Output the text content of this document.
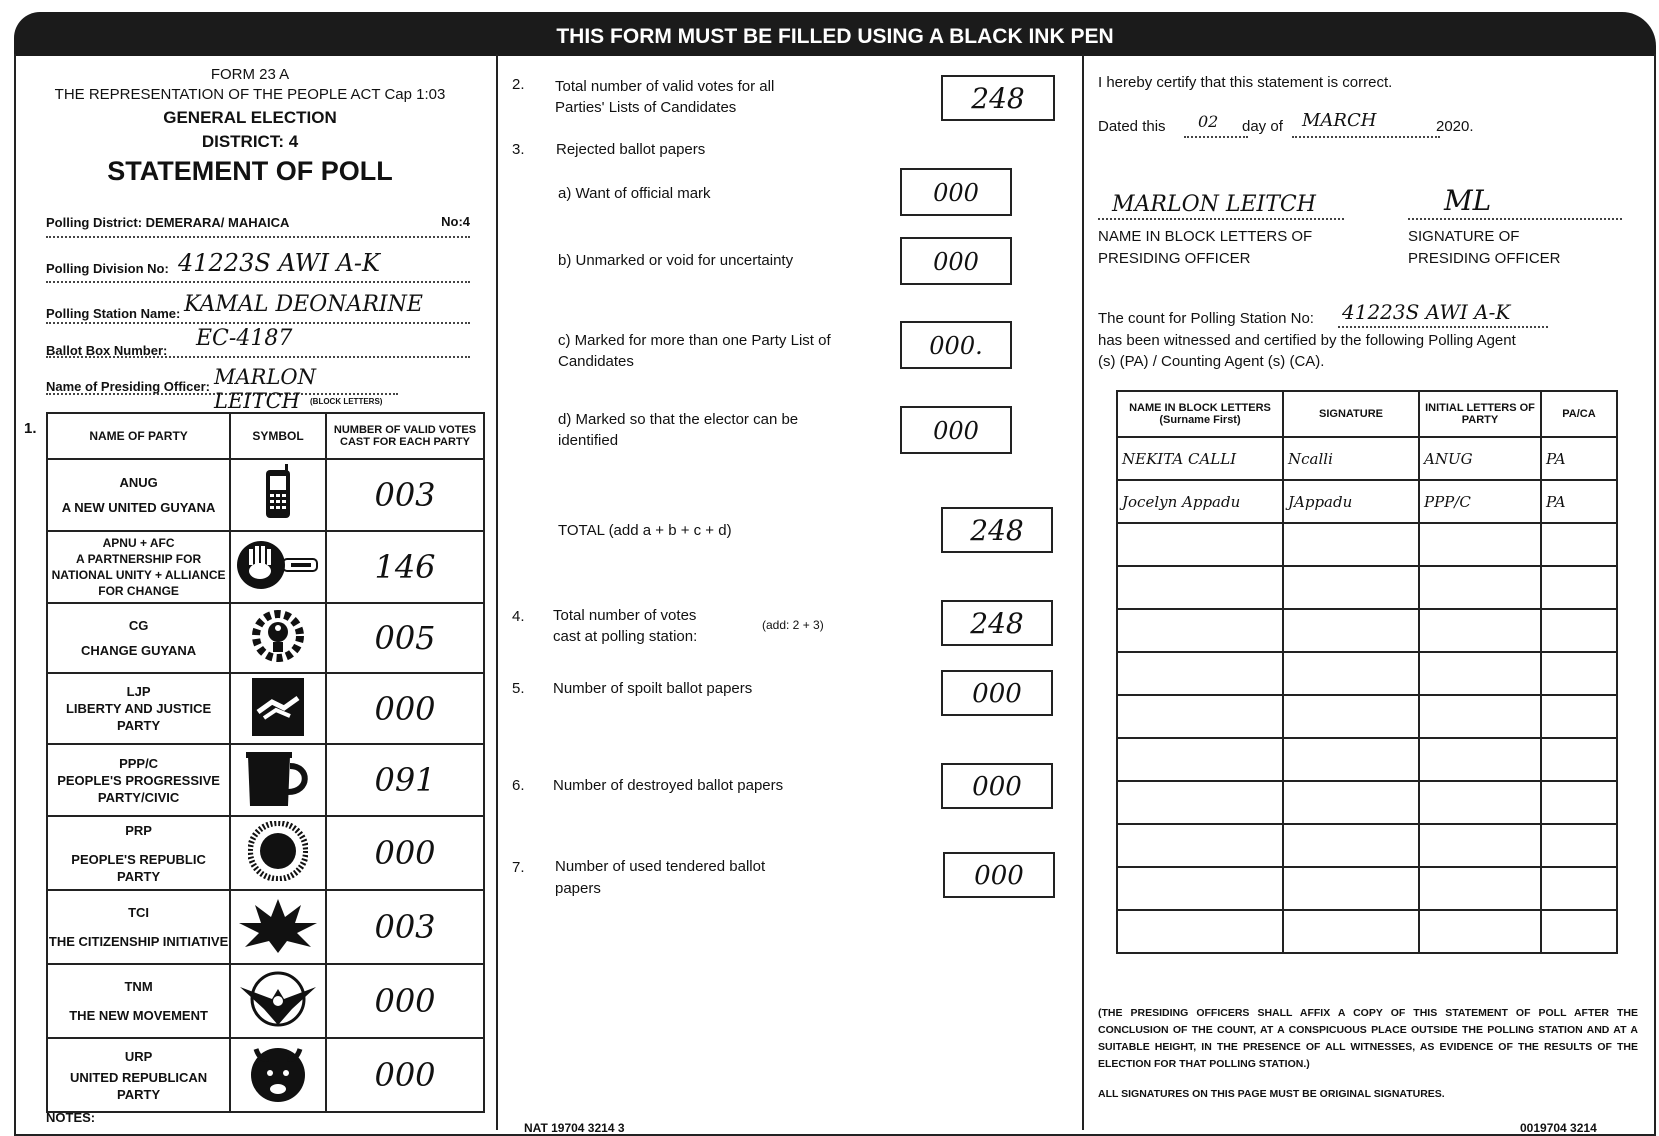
THIS FORM MUST BE FILLED USING A BLACK INK PEN
FORM 23 A
THE REPRESENTATION OF THE PEOPLE ACT Cap 1:03
GENERAL ELECTION
DISTRICT: 4
STATEMENT OF POLL
Polling District: DEMERARA/ MAHAICA	No:4
Polling Division No: 41223S AWI A-K
Polling Station Name: KAMAL DEONARINE
Ballot Box Number: EC-4187
Name of Presiding Officer: MARLON LEITCH	(BLOCK LETTERS)
1.	NAME OF PARTY	SYMBOL	NUMBER OF VALID VOTES CAST FOR EACH PARTY

ANUG
A NEW UNITED GUYANA		003

APNU + AFC
A PARTNERSHIP FOR NATIONAL UNITY + ALLIANCE FOR CHANGE		146

CG
CHANGE GUYANA		005

LJP
LIBERTY AND JUSTICE PARTY		000

PPP/C
PEOPLE'S PROGRESSIVE PARTY/CIVIC		091

PRP
PEOPLE'S REPUBLIC PARTY		000

TCI
THE CITIZENSHIP INITIATIVE		003

TNM
THE NEW MOVEMENT		000

URP
UNITED REPUBLICAN PARTY		000
NOTES:
2. Total number of valid votes for all Parties' Lists of Candidates	248
3. Rejected ballot papers
a) Want of official mark	000
b) Unmarked or void for uncertainty	000
c) Marked for more than one Party List of Candidates
000.
d) Marked so that the elector can be identified	000
TOTAL (add a + b + c + d)	248
4. Total number of votes cast at polling station:
(add: 2 + 3)	248
5. Number of spoilt ballot papers	000
6. Number of destroyed ballot papers	000
7. Number of used tendered ballot papers	000
NAT 19704 3214 3
I hereby certify that this statement is correct.
Dated this 02 day of MARCH	2020.
MARLON LEITCH	ML
NAME IN BLOCK LETTERS OF PRESIDING OFFICER
SIGNATURE OF PRESIDING OFFICER
The count for Polling Station No: 41223S AWI A-K
has been witnessed and certified by the following Polling Agent (s) (PA) / Counting Agent (s) (CA).
NAME IN BLOCK LETTERS (Surname First)	SIGNATURE	INITIAL LETTERS OF PARTY	PA/CA
NEKITA CALLI	Ncalli	ANUG	PA
Jocelyn Appadu	JAppadu	PPP/C	PA

(THE PRESIDING OFFICERS SHALL AFFIX A COPY OF THIS STATEMENT OF POLL AFTER THE CONCLUSION OF THE COUNT, AT A CONSPICUOUS PLACE OUTSIDE THE POLLING STATION AND AT A SUITABLE HEIGHT, IN THE PRESENCE OF ALL WITNESSES, AS EVIDENCE OF THE RESULTS OF THE ELECTION FOR THAT POLLING STATION.)
ALL SIGNATURES ON THIS PAGE MUST BE ORIGINAL SIGNATURES.
0019704 3214
